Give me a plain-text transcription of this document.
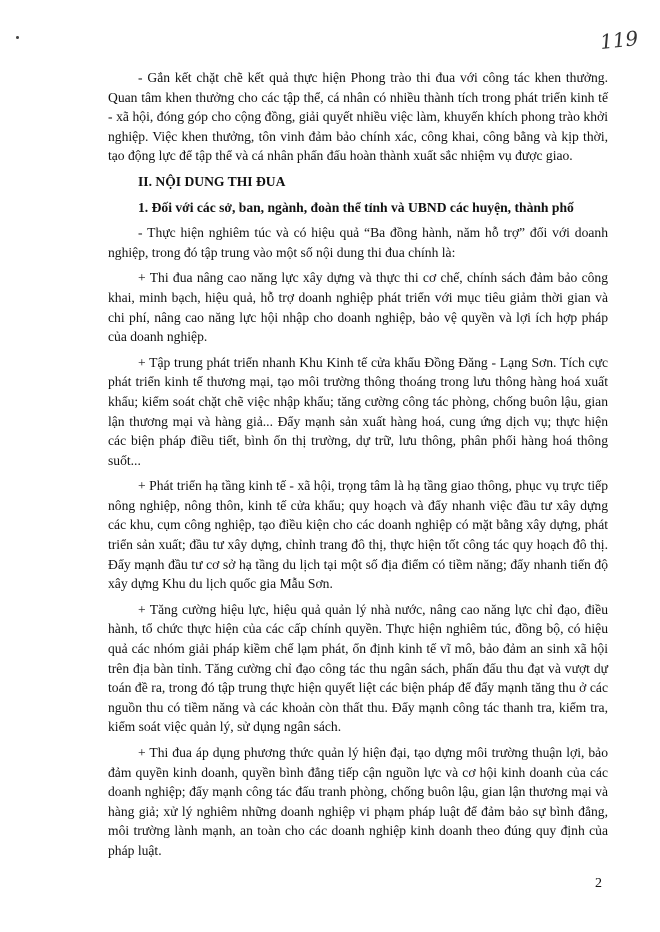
119

- Gắn kết chặt chẽ kết quả thực hiện Phong trào thi đua với công tác khen thưởng. Quan tâm khen thưởng cho các tập thể, cá nhân có nhiều thành tích trong phát triển kinh tế - xã hội, đóng góp cho cộng đồng, giải quyết nhiều việc làm, khuyến khích phong trào khởi nghiệp. Việc khen thưởng, tôn vinh đảm bảo chính xác, công khai, công bằng và kịp thời, tạo động lực để tập thể và cá nhân phấn đấu hoàn thành xuất sắc nhiệm vụ được giao.

II. NỘI DUNG THI ĐUA

1. Đối với các sở, ban, ngành, đoàn thể tỉnh và UBND các huyện, thành phố

- Thực hiện nghiêm túc và có hiệu quả “Ba đồng hành, năm hỗ trợ” đối với doanh nghiệp, trong đó tập trung vào một số nội dung thi đua chính là:

+ Thi đua nâng cao năng lực xây dựng và thực thi cơ chế, chính sách đảm bảo công khai, minh bạch, hiệu quả, hỗ trợ doanh nghiệp phát triển với mục tiêu giảm thời gian và chi phí, nâng cao năng lực hội nhập cho doanh nghiệp, bảo vệ quyền và lợi ích hợp pháp của doanh nghiệp.

+ Tập trung phát triển nhanh Khu Kinh tế cửa khẩu Đồng Đăng - Lạng Sơn. Tích cực phát triển kinh tế thương mại, tạo môi trường thông thoáng trong lưu thông hàng hoá xuất khẩu; kiểm soát chặt chẽ việc nhập khẩu; tăng cường công tác phòng, chống buôn lậu, gian lận thương mại và hàng giả... Đẩy mạnh sản xuất hàng hoá, cung ứng dịch vụ; thực hiện các biện pháp điều tiết, bình ổn thị trường, dự trữ, lưu thông, phân phối hàng hoá thông suốt...

+ Phát triển hạ tầng kinh tế - xã hội, trọng tâm là hạ tầng giao thông, phục vụ trực tiếp nông nghiệp, nông thôn, kinh tế cửa khẩu; quy hoạch và đẩy nhanh việc đầu tư xây dựng các khu, cụm công nghiệp, tạo điều kiện cho các doanh nghiệp có mặt bằng xây dựng, phát triển sản xuất; đầu tư xây dựng, chỉnh trang đô thị, thực hiện tốt công tác quy hoạch đô thị. Đẩy mạnh đầu tư cơ sở hạ tầng du lịch tại một số địa điểm có tiềm năng; đẩy nhanh tiến độ xây dựng Khu du lịch quốc gia Mẫu Sơn.

+ Tăng cường hiệu lực, hiệu quả quản lý nhà nước, nâng cao năng lực chỉ đạo, điều hành, tổ chức thực hiện của các cấp chính quyền. Thực hiện nghiêm túc, đồng bộ, có hiệu quả các nhóm giải pháp kiềm chế lạm phát, ổn định kinh tế vĩ mô, bảo đảm an sinh xã hội trên địa bàn tỉnh. Tăng cường chỉ đạo công tác thu ngân sách, phấn đấu thu đạt và vượt dự toán đề ra, trong đó tập trung thực hiện quyết liệt các biện pháp để đẩy mạnh tăng thu ở các nguồn thu có tiềm năng và các khoản còn thất thu. Đẩy mạnh công tác thanh tra, kiểm tra, kiểm soát việc quản lý, sử dụng ngân sách.

+ Thi đua áp dụng phương thức quản lý hiện đại, tạo dựng môi trường thuận lợi, bảo đảm quyền kinh doanh, quyền bình đẳng tiếp cận nguồn lực và cơ hội kinh doanh của các doanh nghiệp; đẩy mạnh công tác đấu tranh phòng, chống buôn lậu, gian lận thương mại và hàng giả; xử lý nghiêm những doanh nghiệp vi phạm pháp luật để đảm bảo sự bình đẳng, môi trường lành mạnh, an toàn cho các doanh nghiệp kinh doanh theo đúng quy định của pháp luật.

2
